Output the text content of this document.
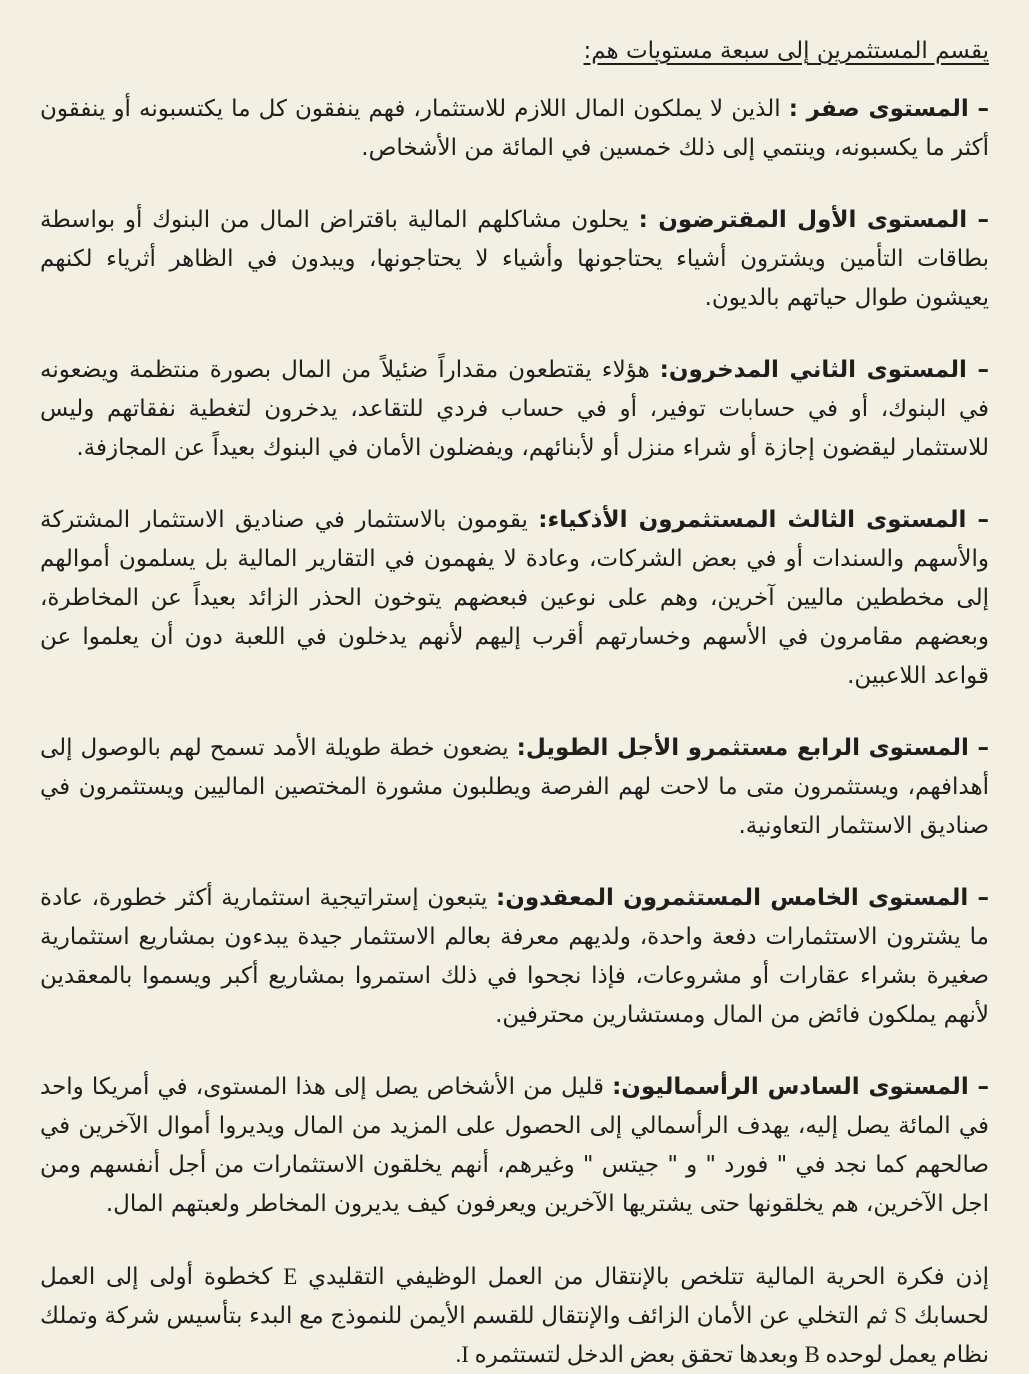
يقسم المستثمرين إلى سبعة مستويات هم:

– المستوى صفر : الذين لا يملكون المال اللازم للاستثمار، فهم ينفقون كل ما يكتسبونه أو ينفقون أكثر ما يكسبونه، وينتمي إلى ذلك خمسين في المائة من الأشخاص.

– المستوى الأول المقترضون : يحلون مشاكلهم المالية باقتراض المال من البنوك أو بواسطة بطاقات التأمين ويشترون أشياء يحتاجونها وأشياء لا يحتاجونها، ويبدون في الظاهر أثرياء لكنهم يعيشون طوال حياتهم بالديون.

– المستوى الثاني المدخرون: هؤلاء يقتطعون مقداراً ضئيلاً من المال بصورة منتظمة ويضعونه في البنوك، أو في حسابات توفير، أو في حساب فردي للتقاعد، يدخرون لتغطية نفقاتهم وليس للاستثمار ليقضون إجازة أو شراء منزل أو لأبنائهم، ويفضلون الأمان في البنوك بعيداً عن المجازفة.

– المستوى الثالث المستثمرون الأذكياء: يقومون بالاستثمار في صناديق الاستثمار المشتركة والأسهم والسندات أو في بعض الشركات، وعادة لا يفهمون في التقارير المالية بل يسلمون أموالهم إلى مخططين ماليين آخرين، وهم على نوعين فبعضهم يتوخون الحذر الزائد بعيداً عن المخاطرة، وبعضهم مقامرون في الأسهم وخسارتهم أقرب إليهم لأنهم يدخلون في اللعبة دون أن يعلموا عن قواعد اللاعبين.

– المستوى الرابع مستثمرو الأجل الطويل: يضعون خطة طويلة الأمد تسمح لهم بالوصول إلى أهدافهم، ويستثمرون متى ما لاحت لهم الفرصة ويطلبون مشورة المختصين الماليين ويستثمرون في صناديق الاستثمار التعاونية.

– المستوى الخامس المستثمرون المعقدون: يتبعون إستراتيجية استثمارية أكثر خطورة، عادة ما يشترون الاستثمارات دفعة واحدة، ولديهم معرفة بعالم الاستثمار جيدة يبدءون بمشاريع استثمارية صغيرة بشراء عقارات أو مشروعات، فإذا نجحوا في ذلك استمروا بمشاريع أكبر ويسموا بالمعقدين لأنهم يملكون فائض من المال ومستشارين محترفين.

– المستوى السادس الرأسماليون: قليل من الأشخاص يصل إلى هذا المستوى، في أمريكا واحد في المائة يصل إليه، يهدف الرأسمالي إلى الحصول على المزيد من المال ويديروا أموال الآخرين في صالحهم كما نجد في " فورد " و " جيتس " وغيرهم، أنهم يخلقون الاستثمارات من أجل أنفسهم ومن اجل الآخرين، هم يخلقونها حتى يشتريها الآخرين ويعرفون كيف يديرون المخاطر ولعبتهم المال.

إذن فكرة الحرية المالية تتلخص بالإنتقال من العمل الوظيفي التقليدي E كخطوة أولى إلى العمل لحسابك S ثم التخلي عن الأمان الزائف والإنتقال للقسم الأيمن للنموذج مع البدء بتأسيس شركة وتملك نظام يعمل لوحده B وبعدها تحقق بعض الدخل لتستثمره I.
